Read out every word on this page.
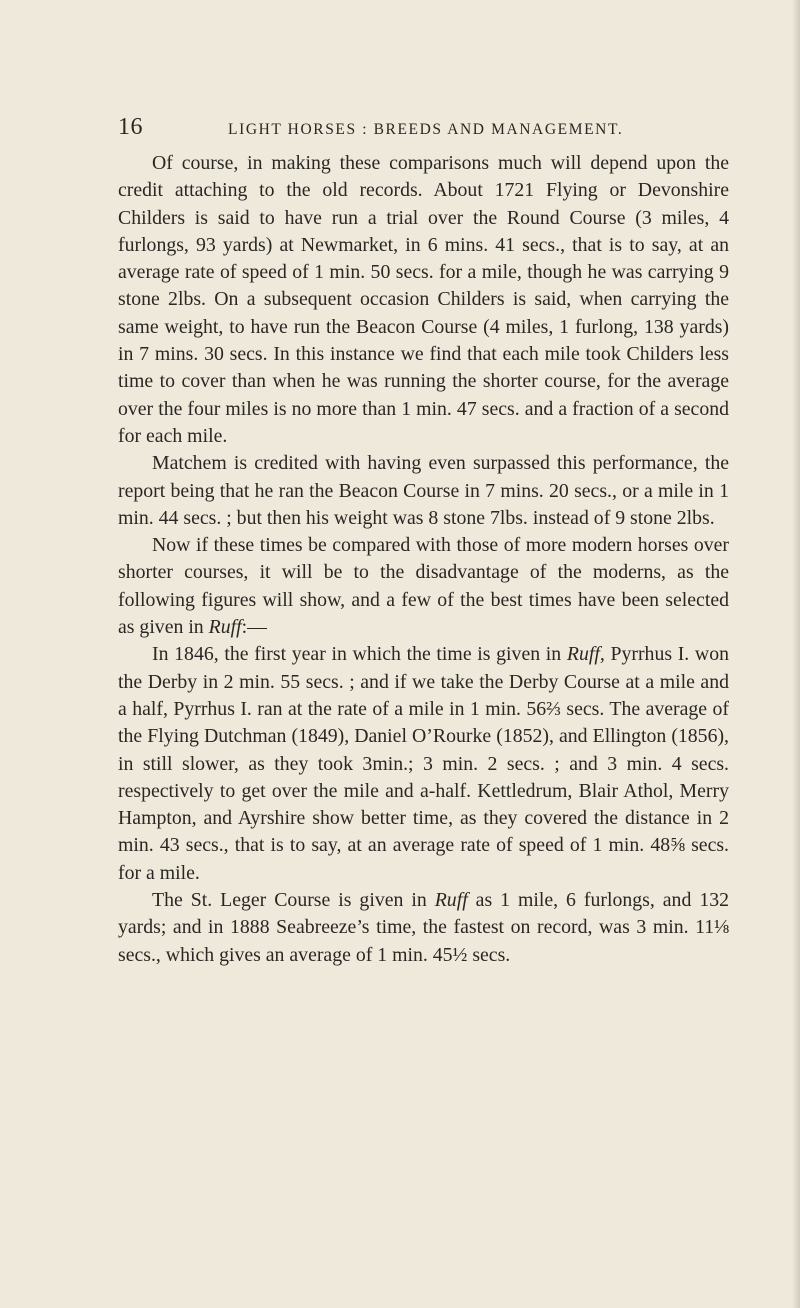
16	LIGHT HORSES : BREEDS AND MANAGEMENT.

Of course, in making these comparisons much will depend upon the credit attaching to the old records. About 1721 Flying or Devonshire Childers is said to have run a trial over the Round Course (3 miles, 4 furlongs, 93 yards) at Newmarket, in 6 mins. 41 secs., that is to say, at an average rate of speed of 1 min. 50 secs. for a mile, though he was carrying 9 stone 2lbs. On a subsequent occasion Childers is said, when carrying the same weight, to have run the Beacon Course (4 miles, 1 furlong, 138 yards) in 7 mins. 30 secs. In this instance we find that each mile took Childers less time to cover than when he was running the shorter course, for the average over the four miles is no more than 1 min. 47 secs. and a fraction of a second for each mile.

Matchem is credited with having even surpassed this performance, the report being that he ran the Beacon Course in 7 mins. 20 secs., or a mile in 1 min. 44 secs. ; but then his weight was 8 stone 7lbs. instead of 9 stone 2lbs.

Now if these times be compared with those of more modern horses over shorter courses, it will be to the disadvantage of the moderns, as the following figures will show, and a few of the best times have been selected as given in Ruff:—

In 1846, the first year in which the time is given in Ruff, Pyrrhus I. won the Derby in 2 min. 55 secs. ; and if we take the Derby Course at a mile and a half, Pyrrhus I. ran at the rate of a mile in 1 min. 56⅔ secs. The average of the Flying Dutchman (1849), Daniel O’Rourke (1852), and Ellington (1856), in still slower, as they took 3min.; 3 min. 2 secs. ; and 3 min. 4 secs. respectively to get over the mile and a-half. Kettledrum, Blair Athol, Merry Hampton, and Ayrshire show better time, as they covered the distance in 2 min. 43 secs., that is to say, at an average rate of speed of 1 min. 48⅝ secs. for a mile.

The St. Leger Course is given in Ruff as 1 mile, 6 furlongs, and 132 yards; and in 1888 Seabreeze’s time, the fastest on record, was 3 min. 11⅛ secs., which gives an average of 1 min. 45½ secs.
